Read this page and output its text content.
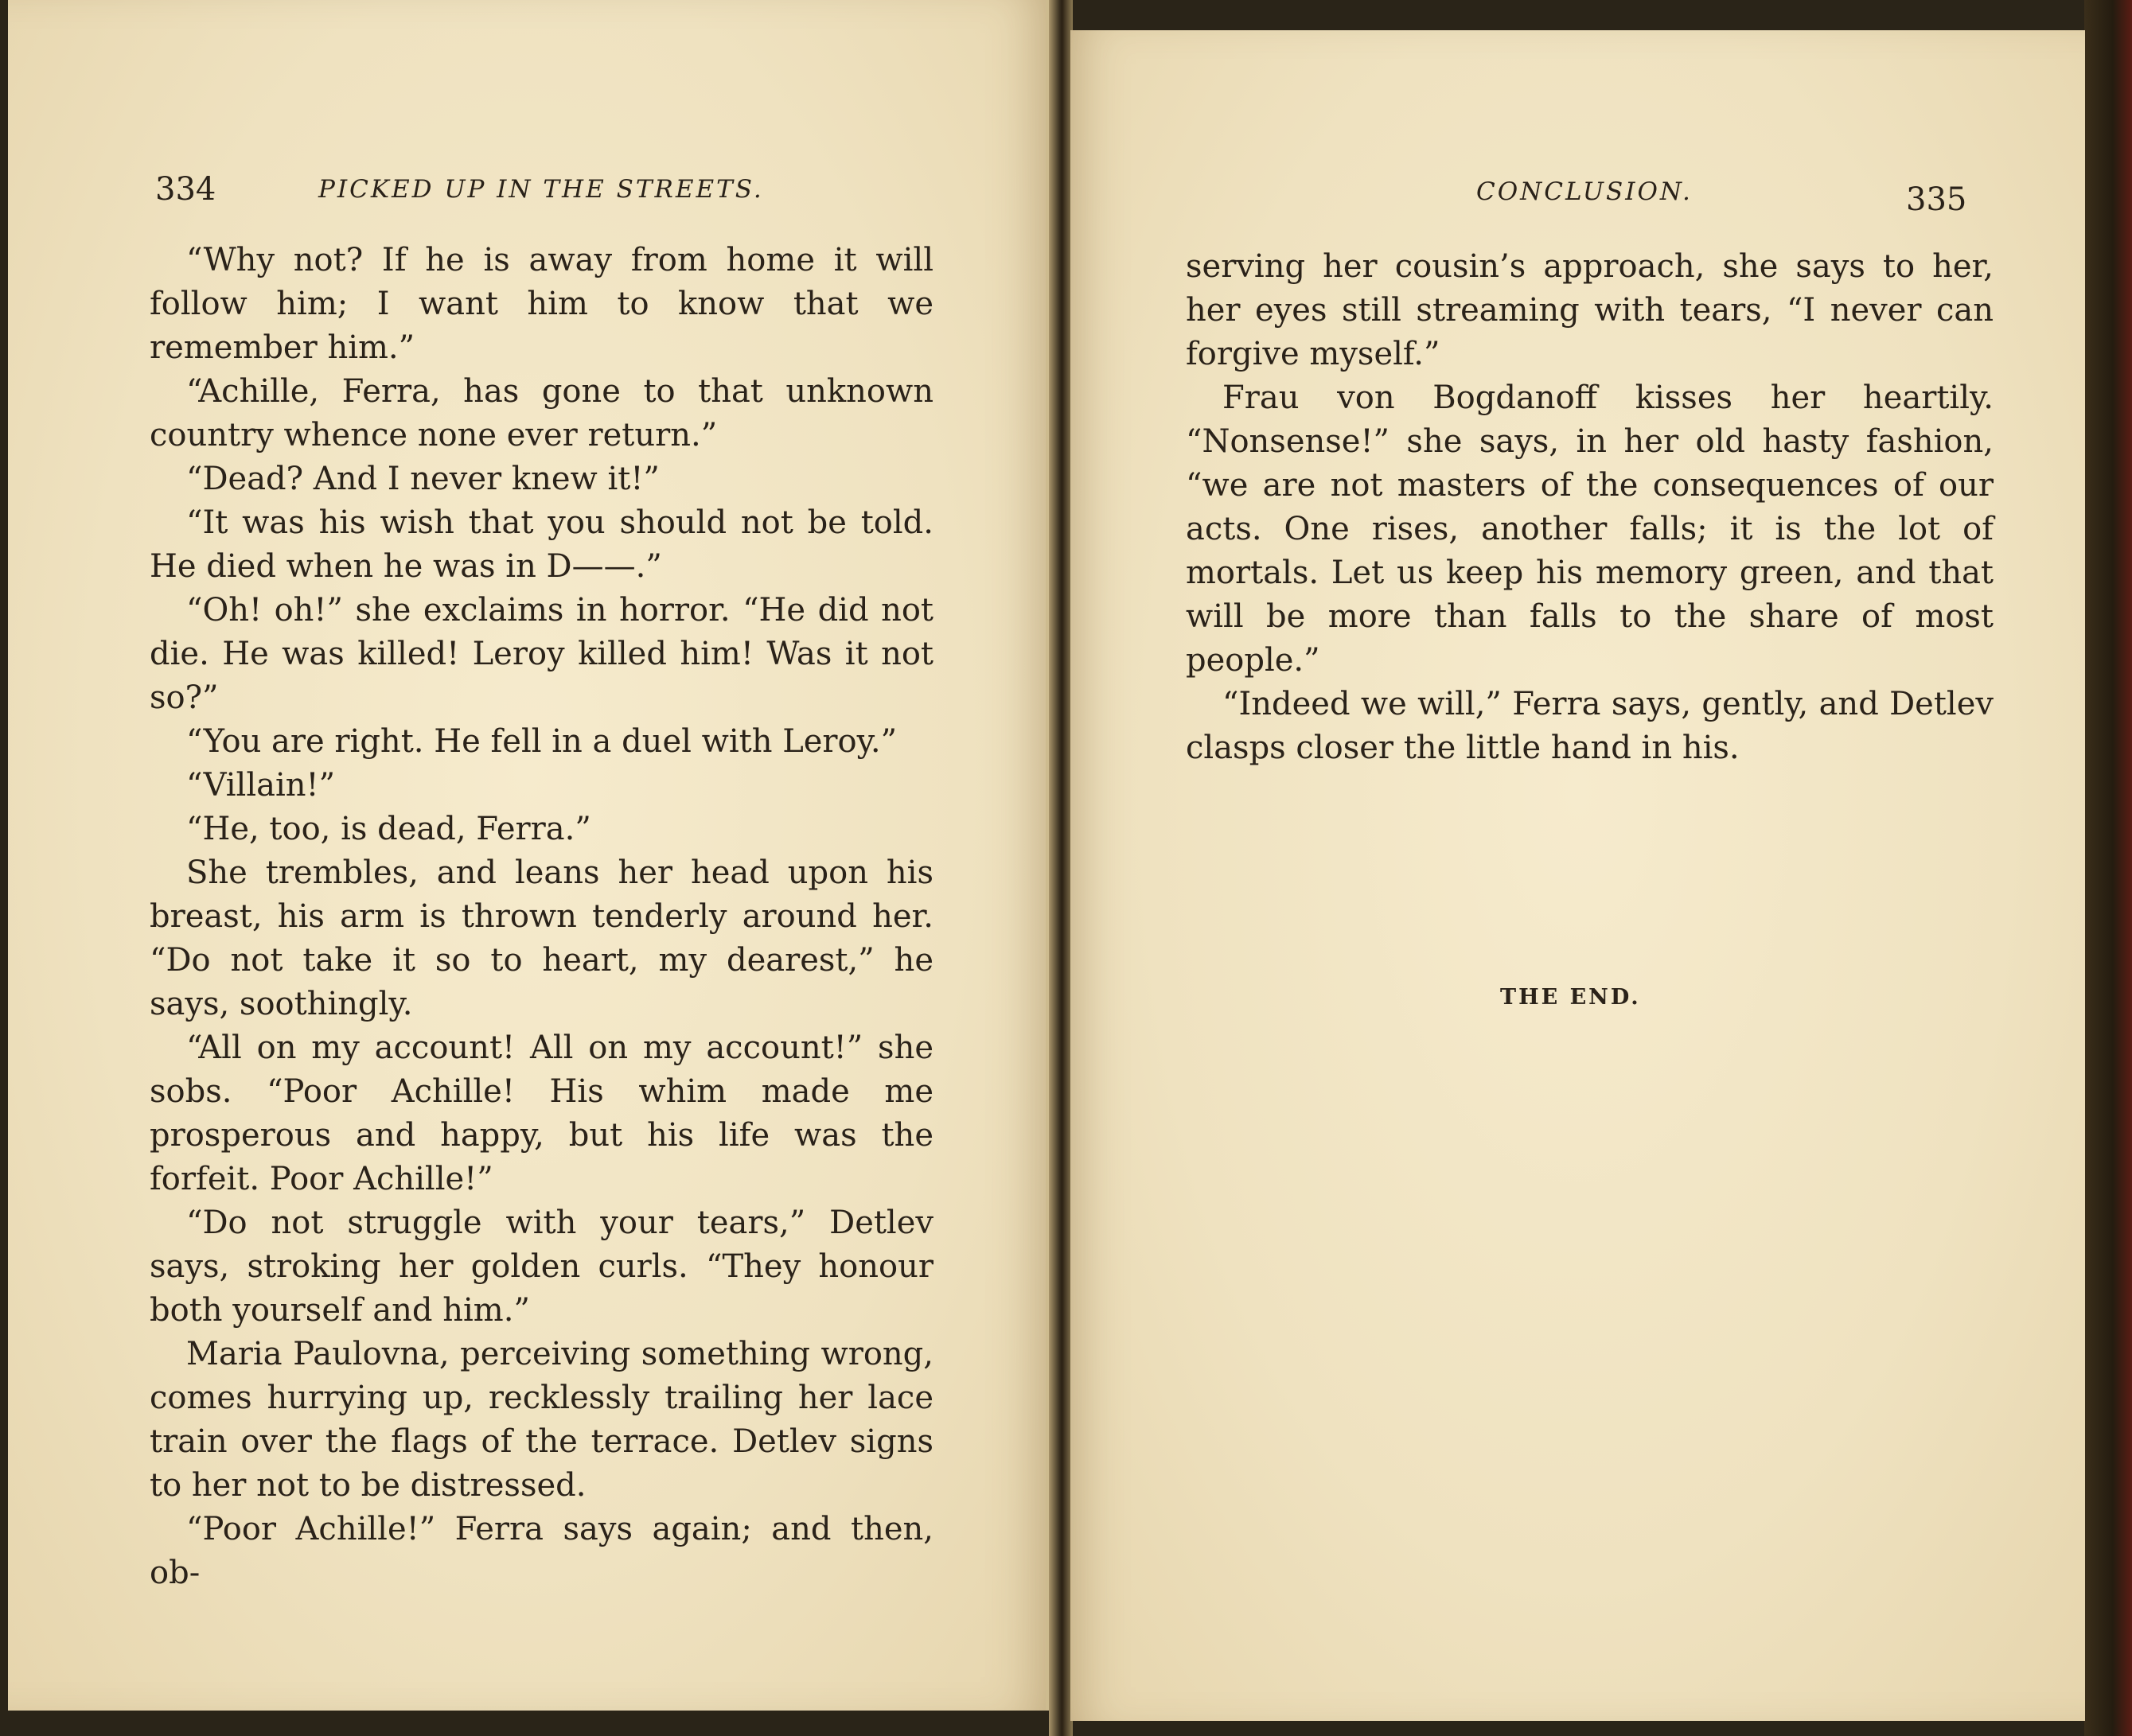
334	PICKED UP IN THE STREETS.

“Why not? If he is away from home it will follow him; I want him to know that we remember him.”

“Achille, Ferra, has gone to that unknown country whence none ever return.”

“Dead? And I never knew it!”

“It was his wish that you should not be told. He died when he was in D——.”

“Oh! oh!” she exclaims in horror. “He did not die. He was killed! Leroy killed him! Was it not so?”

“You are right. He fell in a duel with Leroy.”

“Villain!”

“He, too, is dead, Ferra.”

She trembles, and leans her head upon his breast, his arm is thrown tenderly around her. “Do not take it so to heart, my dearest,” he says, soothingly.

“All on my account! All on my account!” she sobs. “Poor Achille! His whim made me prosperous and happy, but his life was the forfeit. Poor Achille!”

“Do not struggle with your tears,” Detlev says, stroking her golden curls. “They honour both yourself and him.”

Maria Paulovna, perceiving something wrong, comes hurrying up, recklessly trailing her lace train over the flags of the terrace. Detlev signs to her not to be distressed.

“Poor Achille!” Ferra says again; and then, ob-

CONCLUSION.	335

serving her cousin’s approach, she says to her, her eyes still streaming with tears, “I never can forgive myself.”

Frau von Bogdanoff kisses her heartily. “Nonsense!” she says, in her old hasty fashion, “we are not masters of the consequences of our acts. One rises, another falls; it is the lot of mortals. Let us keep his memory green, and that will be more than falls to the share of most people.”

“Indeed we will,” Ferra says, gently, and Detlev clasps closer the little hand in his.

THE END.
